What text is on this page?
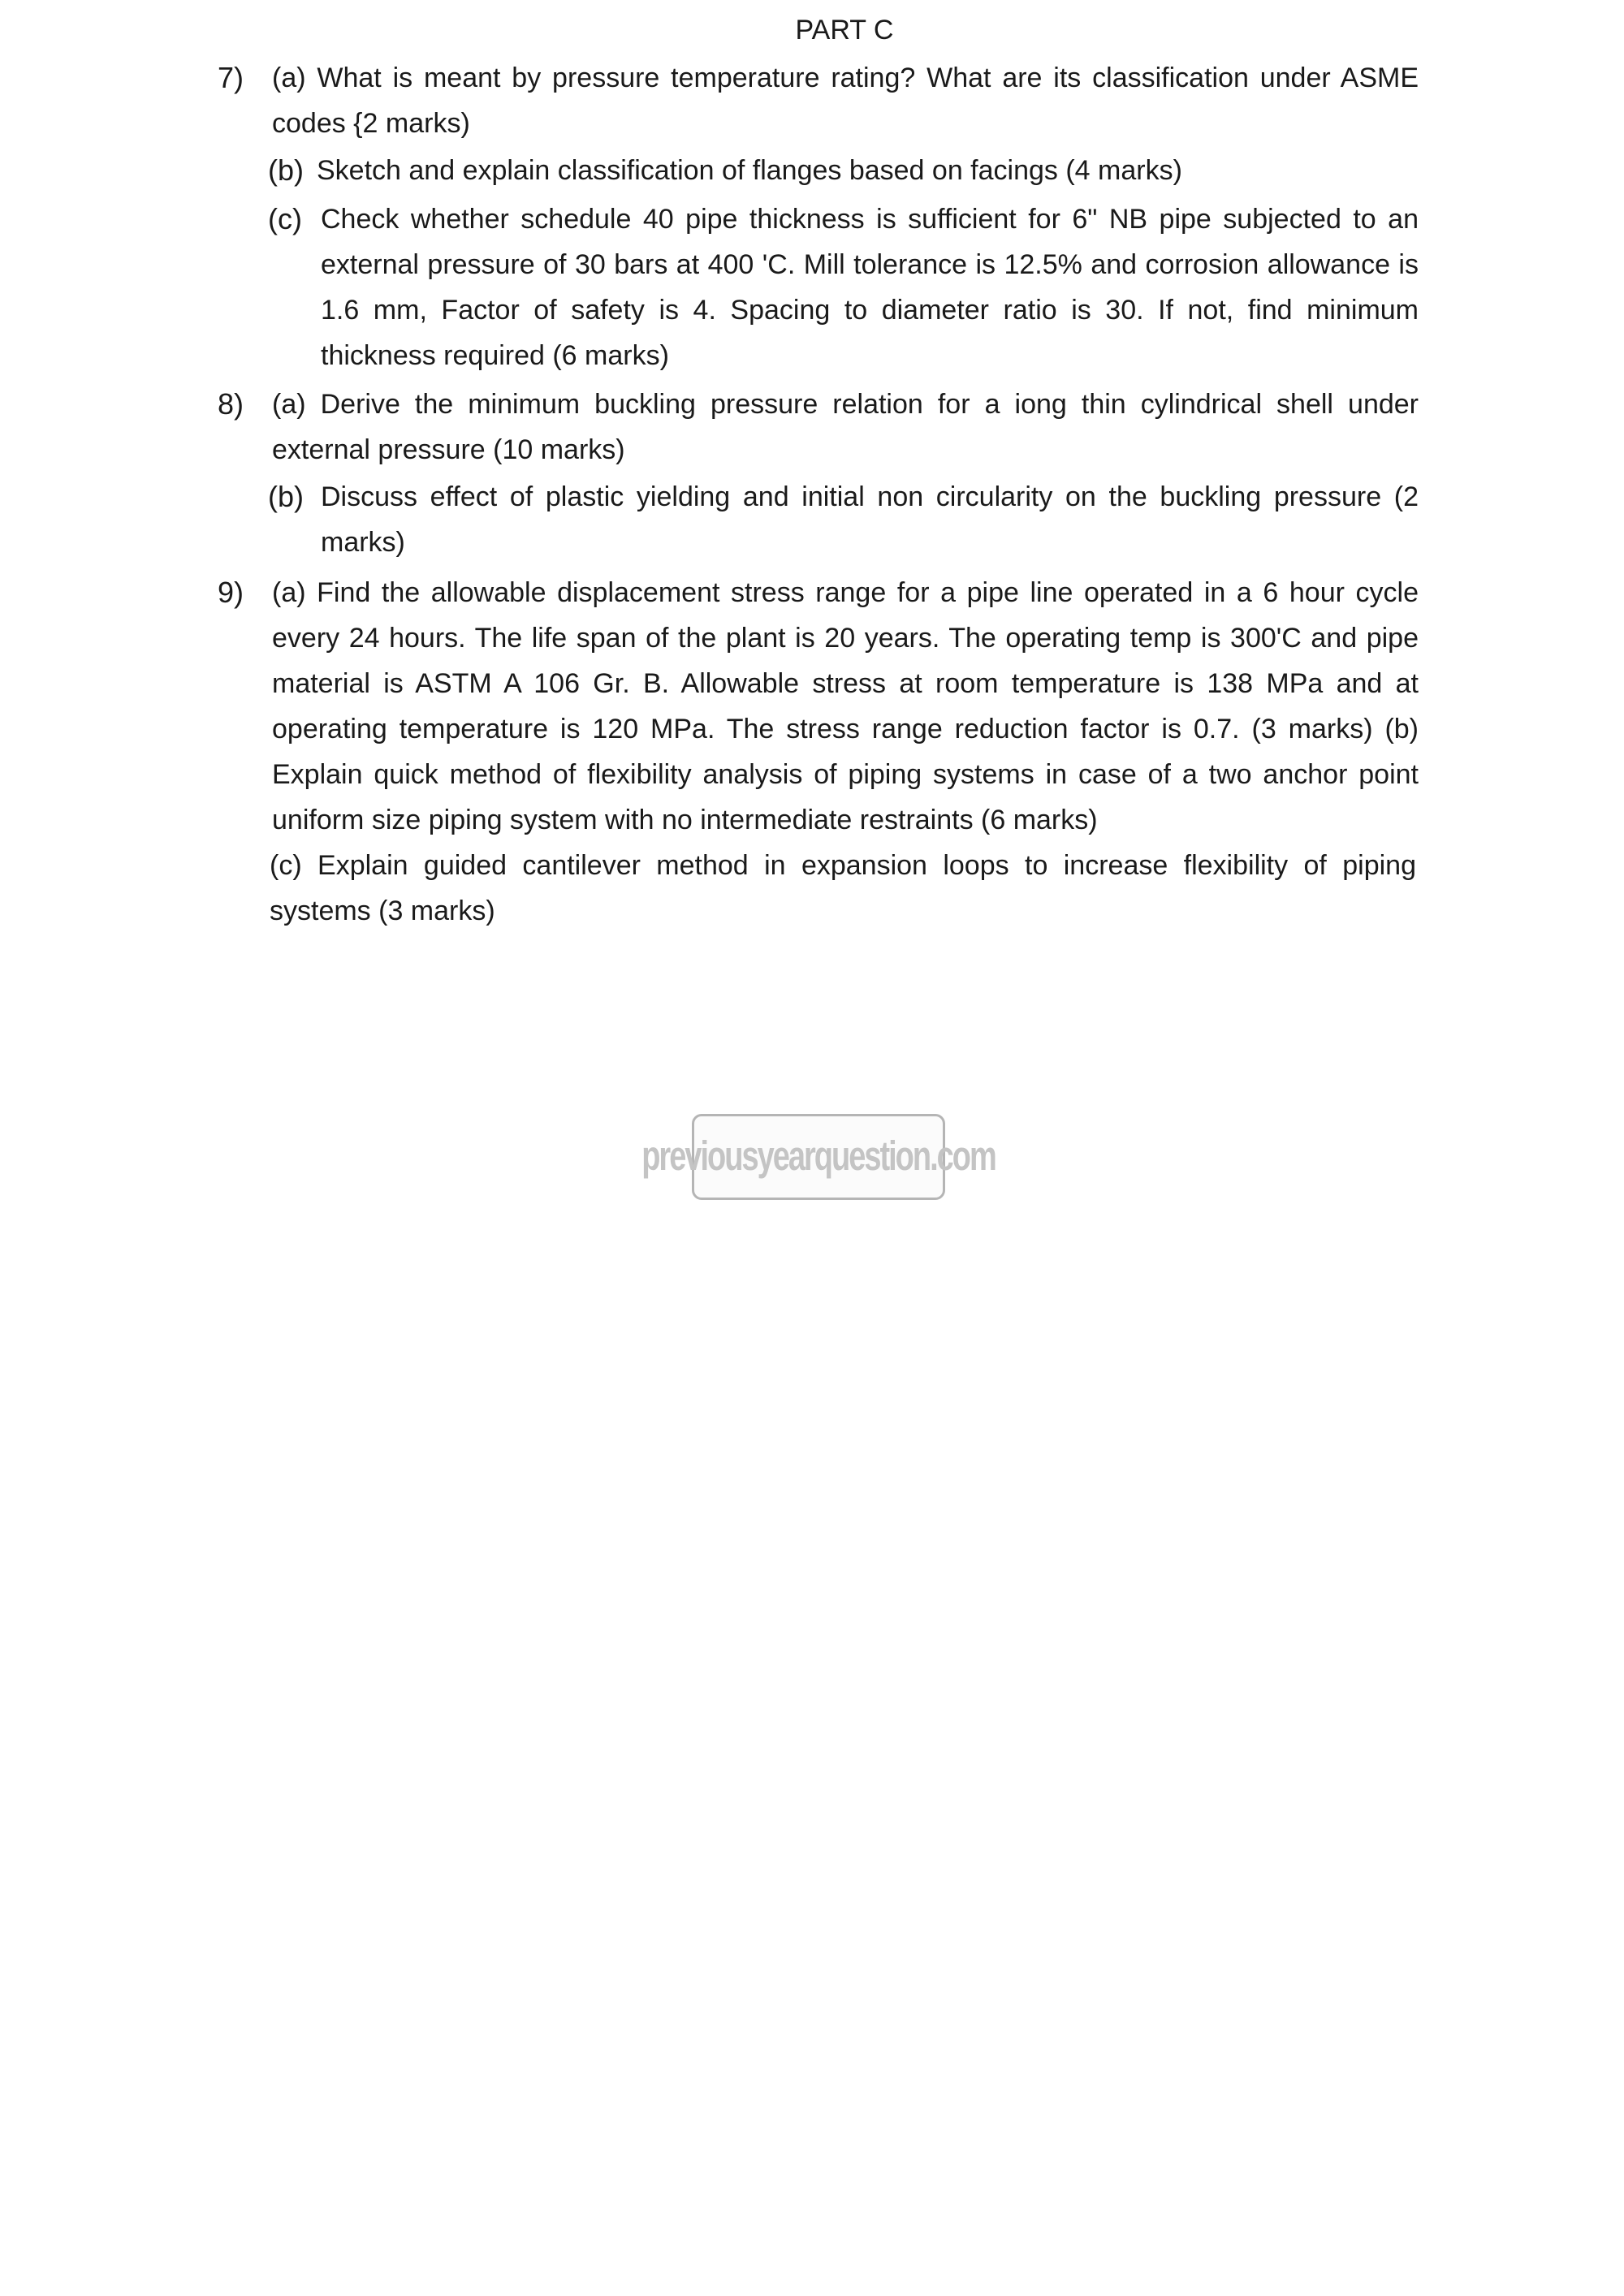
PART C
7) (a) What is meant by pressure temperature rating? What are its classification under ASME codes {2 marks)
(b) Sketch and explain classification of flanges based on facings (4 marks)
(c) Check whether schedule 40 pipe thickness is sufficient for 6" NB pipe subjected to an external pressure of 30 bars at 400 'C. Mill tolerance is 12.5% and corrosion allowance is 1.6 mm, Factor of safety is 4. Spacing to diameter ratio is 30. If not, find minimum thickness required (6 marks)
8) (a) Derive the minimum buckling pressure relation for a iong thin cylindrical shell under external pressure (10 marks)
(b) Discuss effect of plastic yielding and initial non circularity on the buckling pressure (2 marks)
9) (a) Find the allowable displacement stress range for a pipe line operated in a 6 hour cycle every 24 hours. The life span of the plant is 20 years. The operating temp is 300'C and pipe material is ASTM A 106 Gr. B. Allowable stress at room temperature is 138 MPa and at operating temperature is 120 MPa. The stress range reduction factor is 0.7. (3 marks) (b) Explain quick method of flexibility analysis of piping systems in case of a two anchor point uniform size piping system with no intermediate restraints (6 marks)
(c) Explain guided cantilever method in expansion loops to increase flexibility of piping systems (3 marks)
previousyearquestion.com
